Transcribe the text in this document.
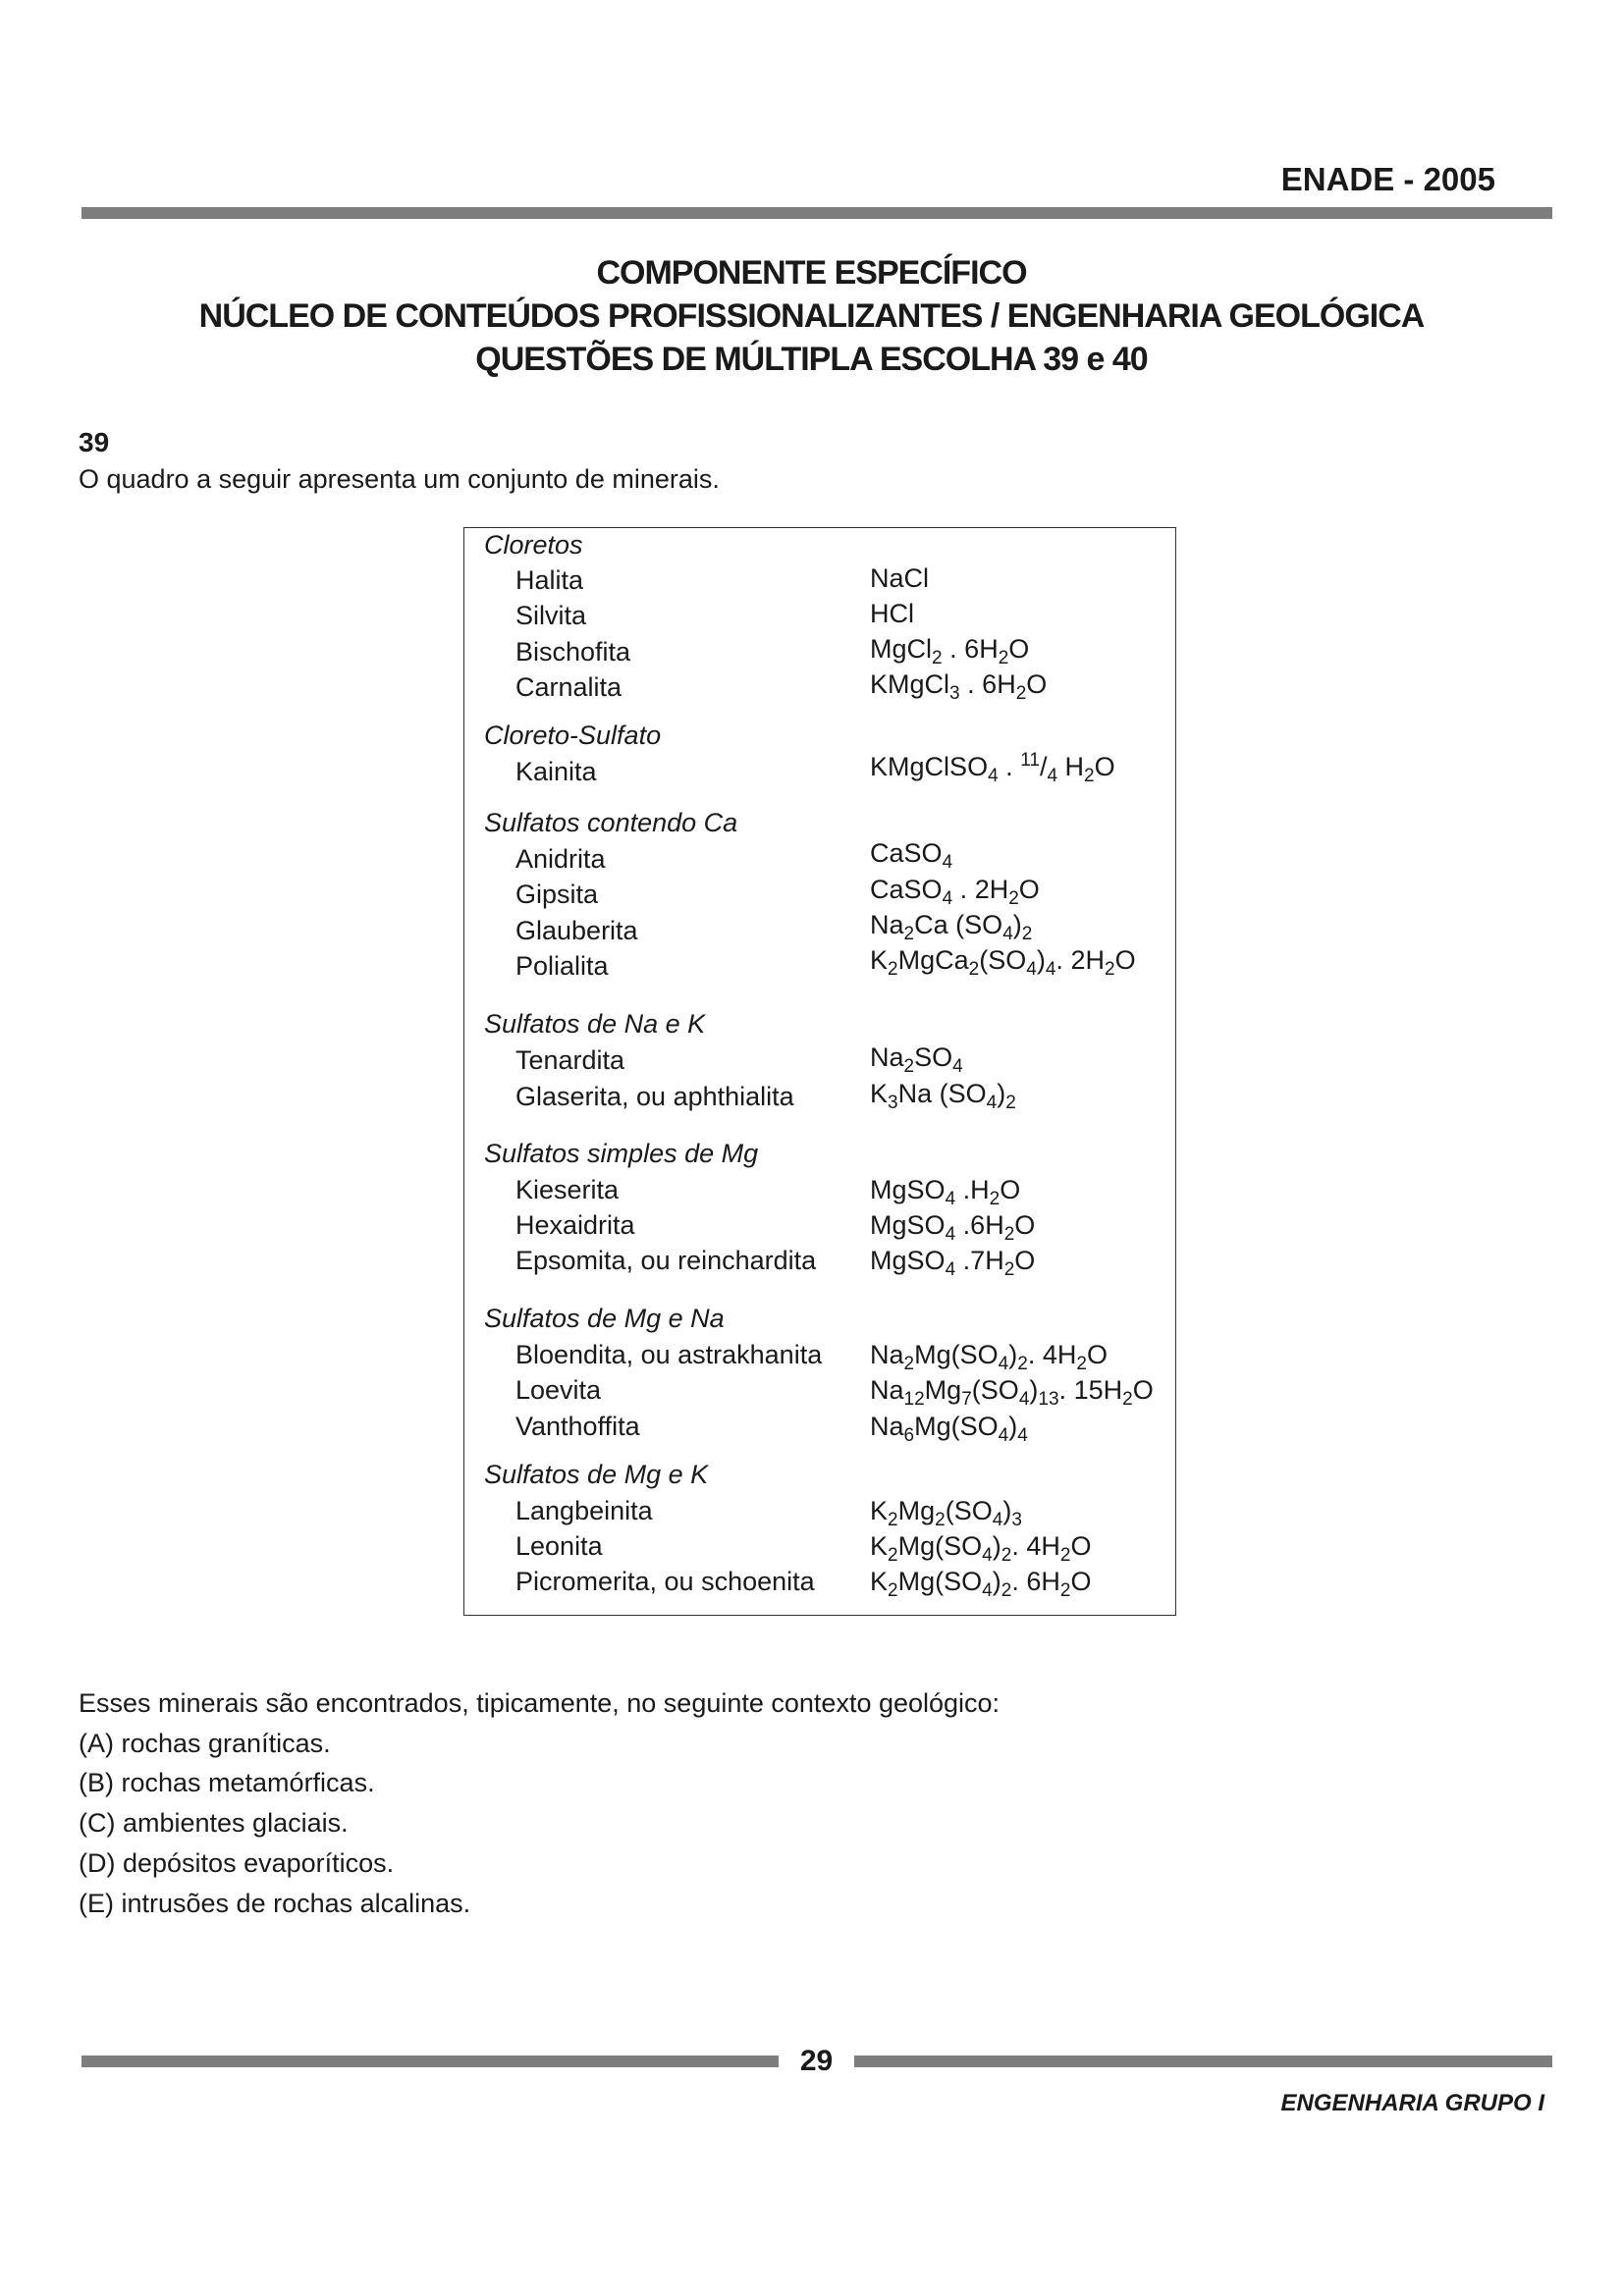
ENADE - 2005
COMPONENTE ESPECÍFICO
NÚCLEO DE CONTEÚDOS PROFISSIONALIZANTES / ENGENHARIA GEOLÓGICA
QUESTÕES DE MÚLTIPLA ESCOLHA 39 e 40
39
O quadro a seguir apresenta um conjunto de minerais.
Cloretos
Halita	NaCl
Silvita	HCl
Bischofita	MgCl$_2$ . $6H_2O$
Carnalita	KMgCl$_3$ . $6H_2O$
Cloreto-Sulfato
Kainita	KMgClSO$_4$ . $^{11}/_4$ $H_2O$
Sulfatos contendo Ca
Anidrita	CaSO$_4$
Gipsita	CaSO$_4$ . $2H_2O$
Glauberita	$Na_2Ca$ $(SO_4)_2$
Polialita	$K_2MgCa_2(SO_4)_4$. $2H_2O$
Sulfatos de Na e K
Tenardita	$Na_2SO_4$
Glaserita, ou aphthialita	$K_3Na$ $(SO_4)_2$
Sulfatos simples de Mg
Kieserita	MgSO$_4$ $.H_2O$
Hexaidrita	MgSO$_4$ $.6H_2O$
Epsomita, ou reinchardita MgSO$_4$ $.7H_2O$
Sulfatos de Mg e Na
Bloendita, ou astrakhanita $Na_2Mg(SO_4)_2$. $4H_2O$
Loevita	$Na_{12}Mg_7(SO_4)_{13}$. $15H_2O$
Vanthoffita	$Na_6Mg(SO_4)_4$
Sulfatos de Mg e K
Langbeinita	$K_2Mg_2(SO_4)_3$
Leonita	$K_2Mg(SO_4)_2$. $4H_2O$
Picromerita, ou schoenita $K_2Mg(SO_4)_2$. $6H_2O$
Esses minerais são encontrados, tipicamente, no seguinte contexto geológico:
(A) rochas graníticas.
(B) rochas metamórficas.
(C) ambientes glaciais.
(D) depósitos evaporíticos.
(E) intrusões de rochas alcalinas.
29
ENGENHARIA GRUPO I
